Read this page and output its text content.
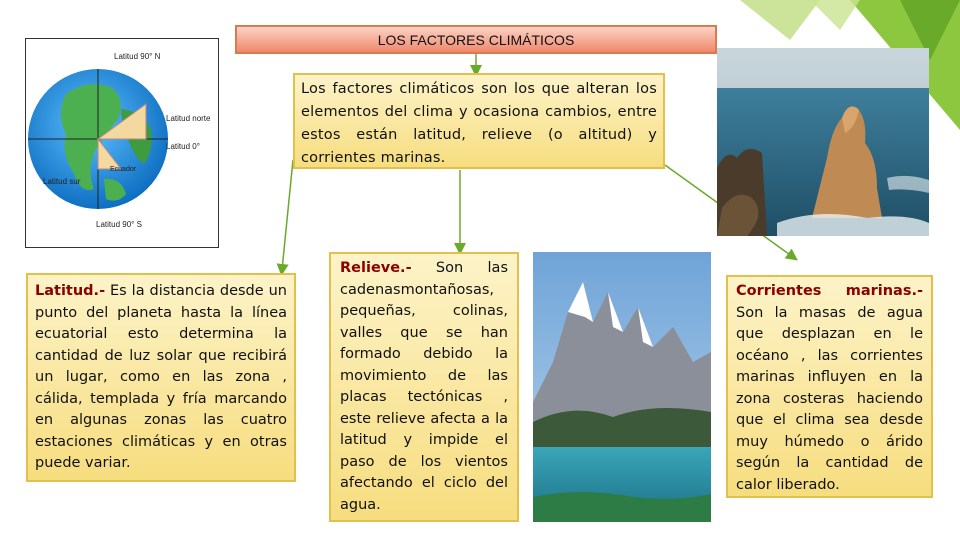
LOS FACTORES CLIMÁTICOS
Los factores climáticos son los que alteran los elementos del clima y ocasiona cambios, entre estos están latitud, relieve (o altitud) y corrientes marinas.
Latitud 90° N
Latitud norte
Latitud 0°
Latitud sur
Ecuador
Latitud 90° S
Latitud.- Es la distancia desde un punto del planeta hasta la línea ecuatorial esto determina la cantidad de luz solar que recibirá un lugar, como en las zona , cálida, templada y fría marcando en algunas zonas las cuatro estaciones climáticas y en otras puede variar.
Relieve.- Son las cadenasmontañosas, pequeñas, colinas, valles que se han formado debido la movimiento de las placas tectónicas , este relieve afecta a la latitud y impide el paso de los vientos afectando el ciclo del agua.
Corrientes marinas.- Son la masas de agua que desplazan en le océano , las corrientes marinas influyen en la zona costeras haciendo que el clima sea desde muy húmedo o árido según la cantidad de calor liberado.
